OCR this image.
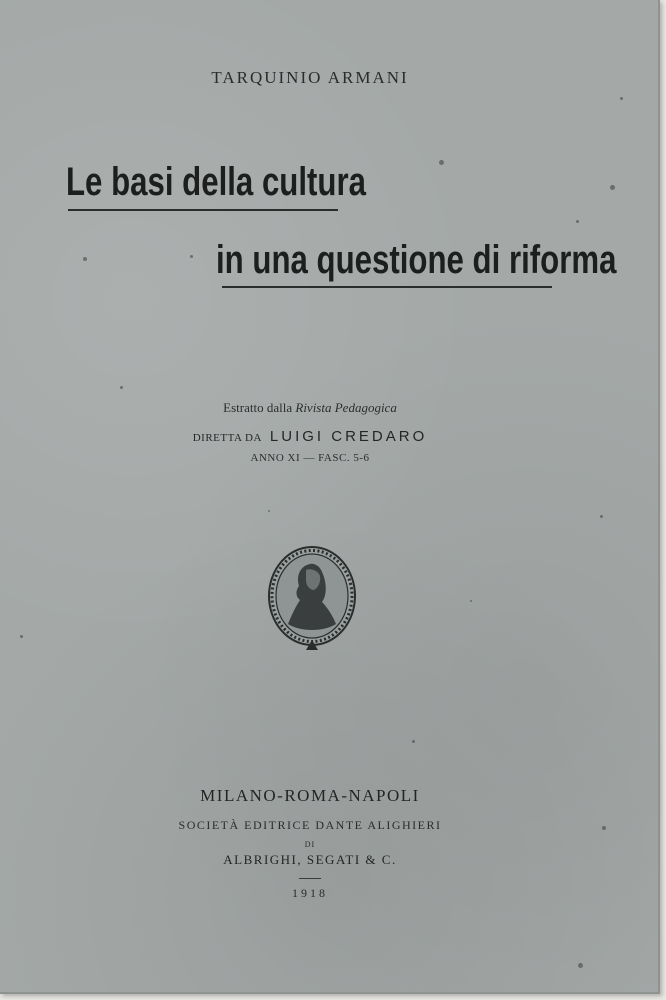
TARQUINIO ARMANI
Le basi della cultura
in una questione di riforma
Estratto dalla Rivista Pedagogica
DIRETTA DA LUIGI CREDARO
ANNO XI — FASC. 5-6
MILANO-ROMA-NAPOLI
SOCIETÀ EDITRICE DANTE ALIGHIERI
DI
ALBRIGHI, SEGATI & C.
1918
